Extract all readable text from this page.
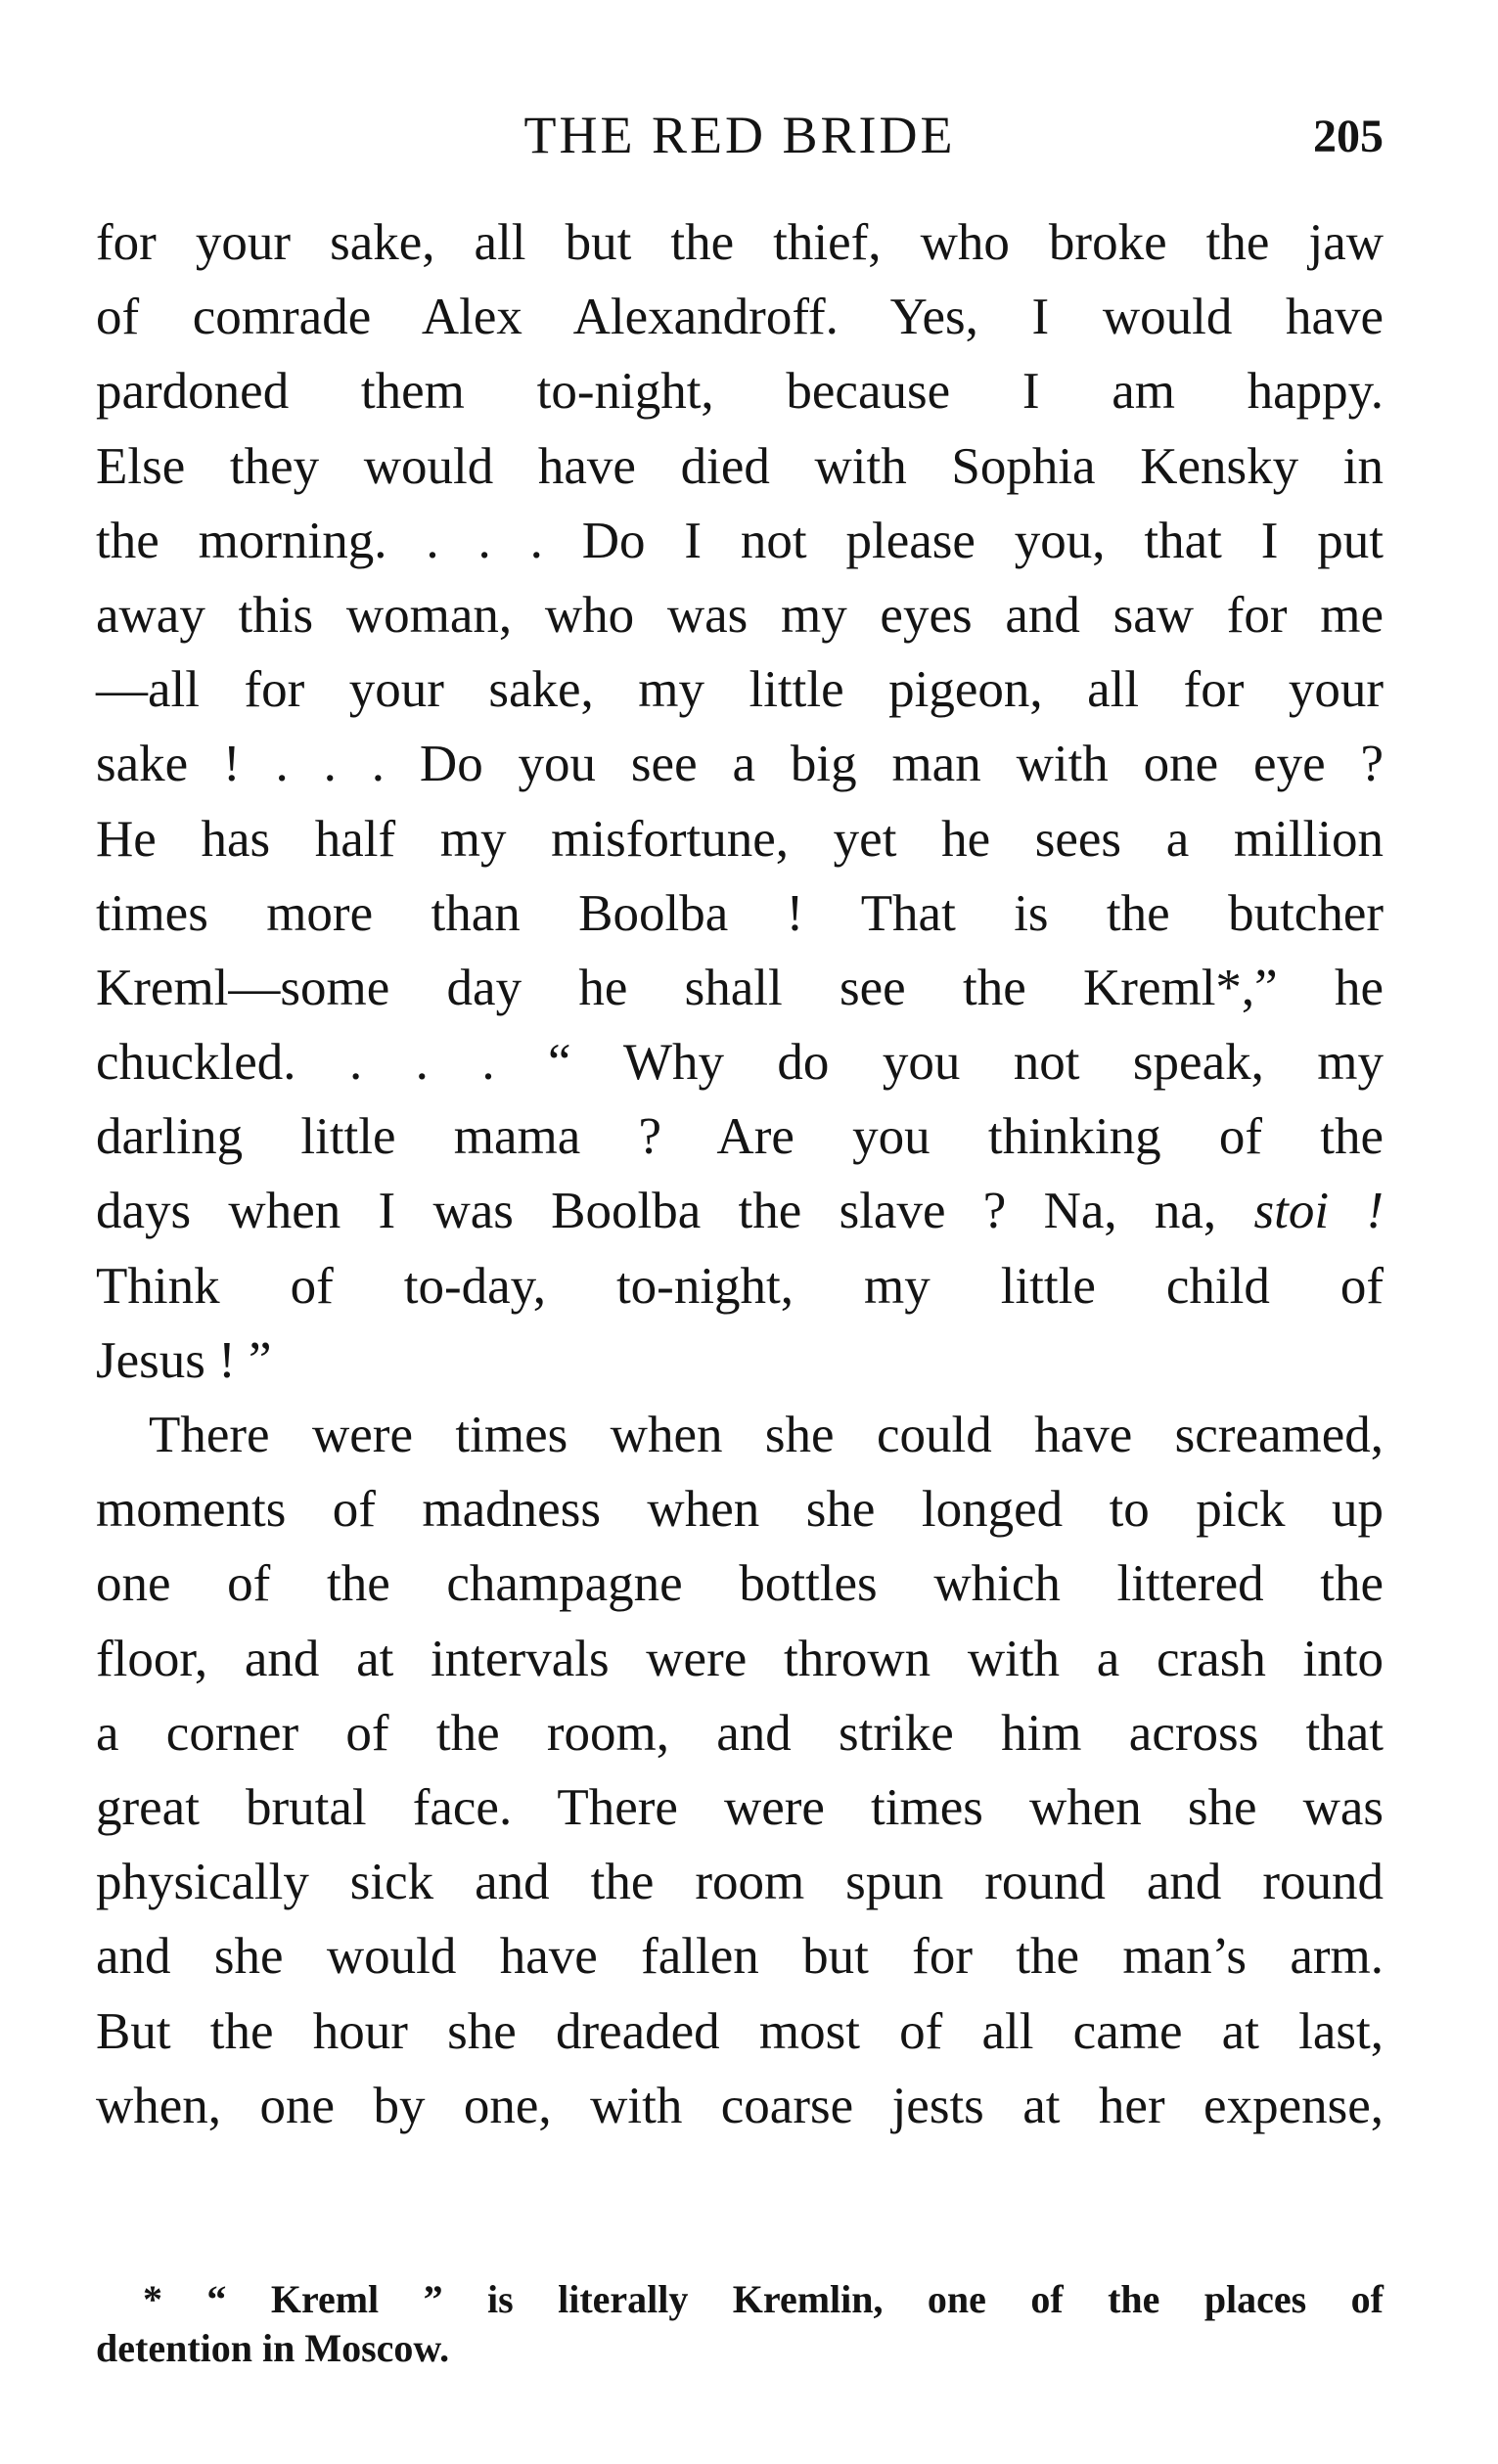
THE RED BRIDE	205
for your sake, all but the thief, who broke the jaw
of comrade Alex Alexandroff. Yes, I would have
pardoned them to-night, because I am happy.
Else they would have died with Sophia Kensky in
the morning. . . . Do I not please you, that I put
away this woman, who was my eyes and saw for me
—all for your sake, my little pigeon, all for your
sake ! . . . Do you see a big man with one eye ?
He has half my misfortune, yet he sees a million
times more than Boolba ! That is the butcher
Kreml—some day he shall see the Kreml*,” he
chuckled. . . . “ Why do you not speak, my
darling little mama ? Are you thinking of the
days when I was Boolba the slave ? Na, na, stoi !
Think of to-day, to-night, my little child of
Jesus ! ”
There were times when she could have screamed,
moments of madness when she longed to pick up
one of the champagne bottles which littered the
floor, and at intervals were thrown with a crash into
a corner of the room, and strike him across that
great brutal face. There were times when she was
physically sick and the room spun round and round
and she would have fallen but for the man’s arm.
But the hour she dreaded most of all came at last,
when, one by one, with coarse jests at her expense,
* “ Kreml ” is literally Kremlin, one of the places of
detention in Moscow.
